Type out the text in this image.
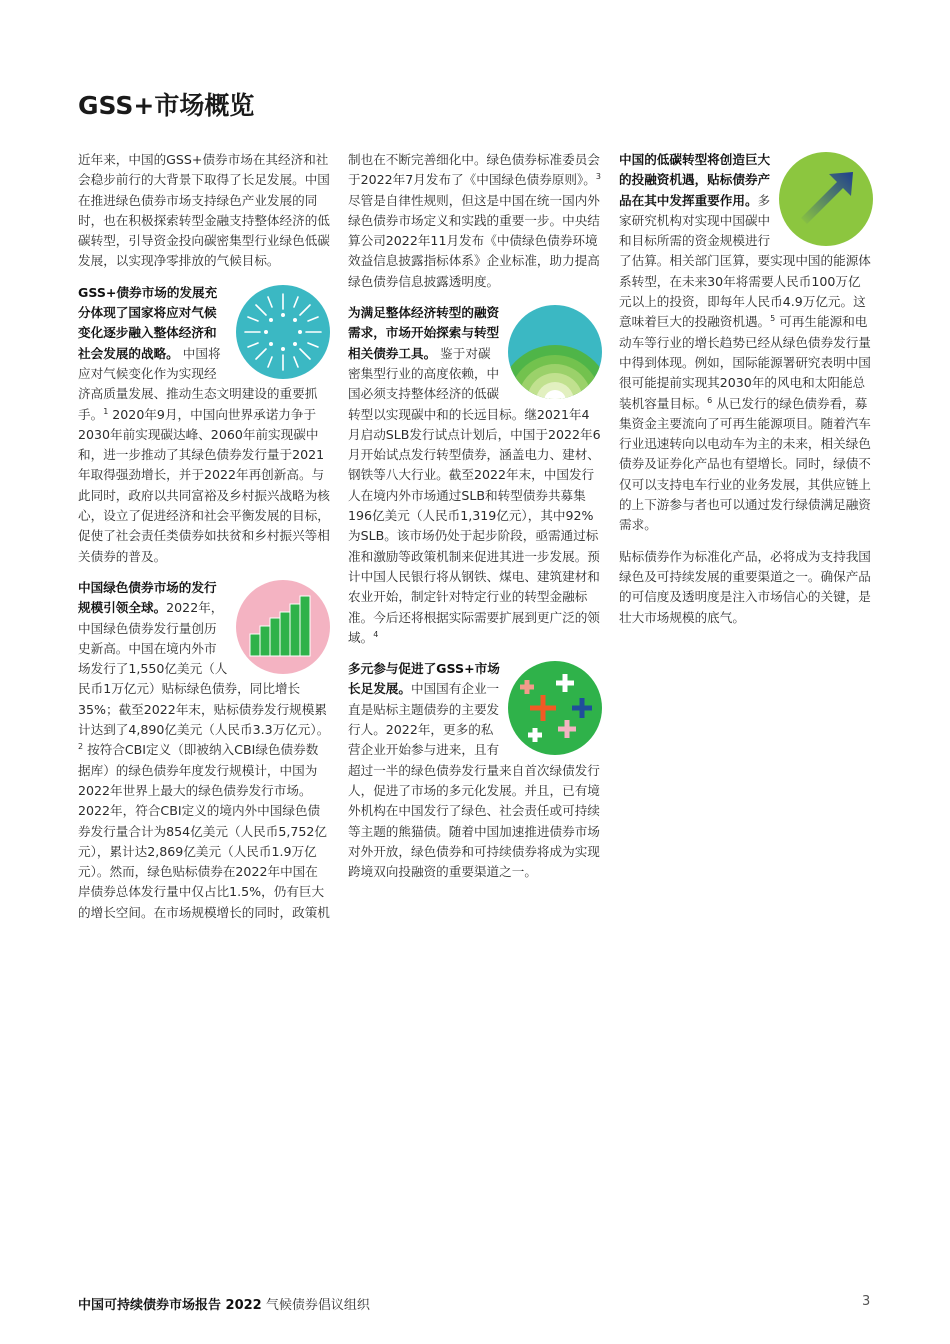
GSS+市场概览

近年来，中国的GSS+债券市场在其经济和社会稳步前行的大背景下取得了长足发展。中国在推进绿色债券市场支持绿色产业发展的同时，也在积极探索转型金融支持整体经济的低碳转型，引导资金投向碳密集型行业绿色低碳发展，以实现净零排放的气候目标。

GSS+债券市场的发展充分体现了国家将应对气候变化逐步融入整体经济和社会发展的战略。 中国将应对气候变化作为实现经济高质量发展、推动生态文明建设的重要抓手。$^1$ 2020年9月，中国向世界承诺力争于2030年前实现碳达峰、2060年前实现碳中和，进一步推动了其绿色债券发行量于2021年取得强劲增长，并于2022年再创新高。与此同时，政府以共同富裕及乡村振兴战略为核心，设立了促进经济和社会平衡发展的目标，促使了社会责任类债券如扶贫和乡村振兴等相关债券的普及。

中国绿色债券市场的发行规模引领全球。2022年，中国绿色债券发行量创历史新高。中国在境内外市场发行了1,550亿美元（人民币1万亿元）贴标绿色债券，同比增长35%；截至2022年末，贴标债券发行规模累计达到了4,890亿美元（人民币3.3万亿元）。$^2$ 按符合CBI定义（即被纳入CBI绿色债券数据库）的绿色债券年度发行规模计，中国为2022年世界上最大的绿色债券发行市场。2022年，符合CBI定义的境内外中国绿色债券发行量合计为854亿美元（人民币5,752亿元），累计达2,869亿美元（人民币1.9万亿元）。然而，绿色贴标债券在2022年中国在岸债券总体发行量中仅占比1.5%，仍有巨大的增长空间。在市场规模增长的同时，政策机

制也在不断完善细化中。绿色债券标准委员会于2022年7月发布了《中国绿色债券原则》。$^3$尽管是自律性规则，但这是中国在统一国内外绿色债券市场定义和实践的重要一步。中央结算公司2022年11月发布《中债绿色债券环境效益信息披露指标体系》企业标准，助力提高绿色债券信息披露透明度。

为满足整体经济转型的融资需求，市场开始探索与转型相关债券工具。 鉴于对碳密集型行业的高度依赖，中国必须支持整体经济的低碳转型以实现碳中和的长远目标。继2021年4月启动SLB发行试点计划后，中国于2022年6月开始试点发行转型债券，涵盖电力、建材、钢铁等八大行业。截至2022年末，中国发行人在境内外市场通过SLB和转型债券共募集196亿美元（人民币1,319亿元），其中92%为SLB。该市场仍处于起步阶段，亟需通过标准和激励等政策机制来促进其进一步发展。预计中国人民银行将从钢铁、煤电、建筑建材和农业开始，制定针对特定行业的转型金融标准。今后还将根据实际需要扩展到更广泛的领域。$^4$

多元参与促进了GSS+市场长足发展。中国国有企业一直是贴标主题债券的主要发行人。2022年，更多的私营企业开始参与进来，且有超过一半的绿色债券发行量来自首次绿债发行人，促进了市场的多元化发展。并且，已有境外机构在中国发行了绿色、社会责任或可持续等主题的熊猫债。随着中国加速推进债券市场对外开放，绿色债券和可持续债券将成为实现跨境双向投融资的重要渠道之一。

中国的低碳转型将创造巨大的投融资机遇，贴标债券产品在其中发挥重要作用。多家研究机构对实现中国碳中和目标所需的资金规模进行了估算。相关部门匡算，要实现中国的能源体系转型，在未来30年将需要人民币100万亿元以上的投资，即每年人民币4.9万亿元。这意味着巨大的投融资机遇。$^5$ 可再生能源和电动车等行业的增长趋势已经从绿色债券发行量中得到体现。例如，国际能源署研究表明中国很可能提前实现其2030年的风电和太阳能总装机容量目标。$^6$ 从已发行的绿色债券看，募集资金主要流向了可再生能源项目。随着汽车行业迅速转向以电动车为主的未来，相关绿色债券及证券化产品也有望增长。同时，绿债不仅可以支持电车行业的业务发展，其供应链上的上下游参与者也可以通过发行绿债满足融资需求。

贴标债券作为标准化产品，必将成为支持我国绿色及可持续发展的重要渠道之一。确保产品的可信度及透明度是注入市场信心的关键，是壮大市场规模的底气。

中国可持续债券市场报告 2022 气候债券倡议组织	3
